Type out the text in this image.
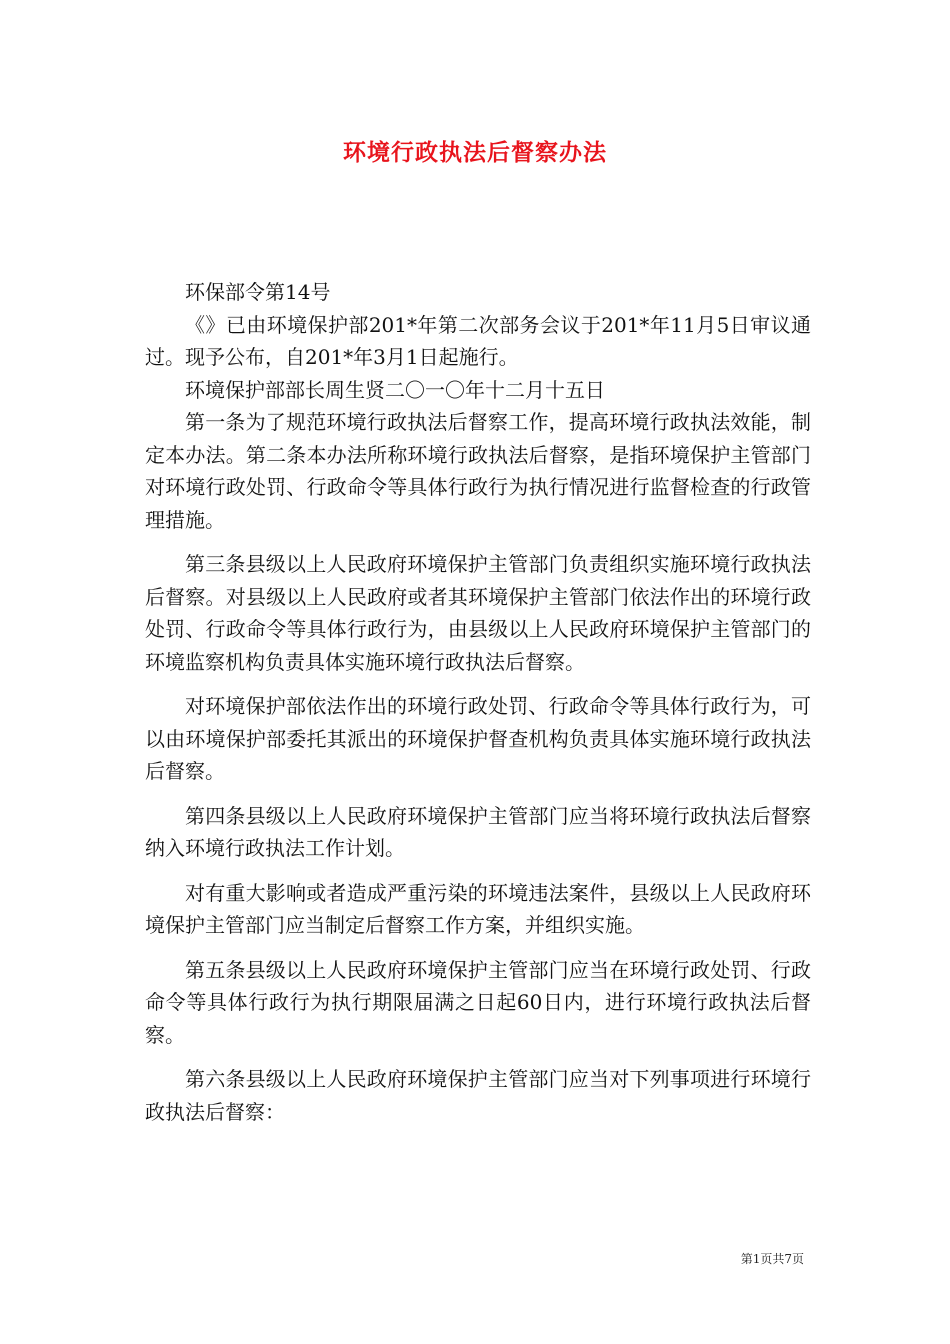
环境行政执法后督察办法

环保部令第14号

《》已由环境保护部201*年第二次部务会议于201*年11月5日审议通过。现予公布，自201*年3月1日起施行。

环境保护部部长周生贤二〇一〇年十二月十五日

第一条为了规范环境行政执法后督察工作，提高环境行政执法效能，制定本办法。第二条本办法所称环境行政执法后督察，是指环境保护主管部门对环境行政处罚、行政命令等具体行政行为执行情况进行监督检查的行政管理措施。

第三条县级以上人民政府环境保护主管部门负责组织实施环境行政执法后督察。对县级以上人民政府或者其环境保护主管部门依法作出的环境行政处罚、行政命令等具体行政行为，由县级以上人民政府环境保护主管部门的环境监察机构负责具体实施环境行政执法后督察。

对环境保护部依法作出的环境行政处罚、行政命令等具体行政行为，可以由环境保护部委托其派出的环境保护督查机构负责具体实施环境行政执法后督察。

第四条县级以上人民政府环境保护主管部门应当将环境行政执法后督察纳入环境行政执法工作计划。

对有重大影响或者造成严重污染的环境违法案件，县级以上人民政府环境保护主管部门应当制定后督察工作方案，并组织实施。

第五条县级以上人民政府环境保护主管部门应当在环境行政处罚、行政命令等具体行政行为执行期限届满之日起60日内，进行环境行政执法后督察。

第六条县级以上人民政府环境保护主管部门应当对下列事项进行环境行政执法后督察：

第1页共7页
